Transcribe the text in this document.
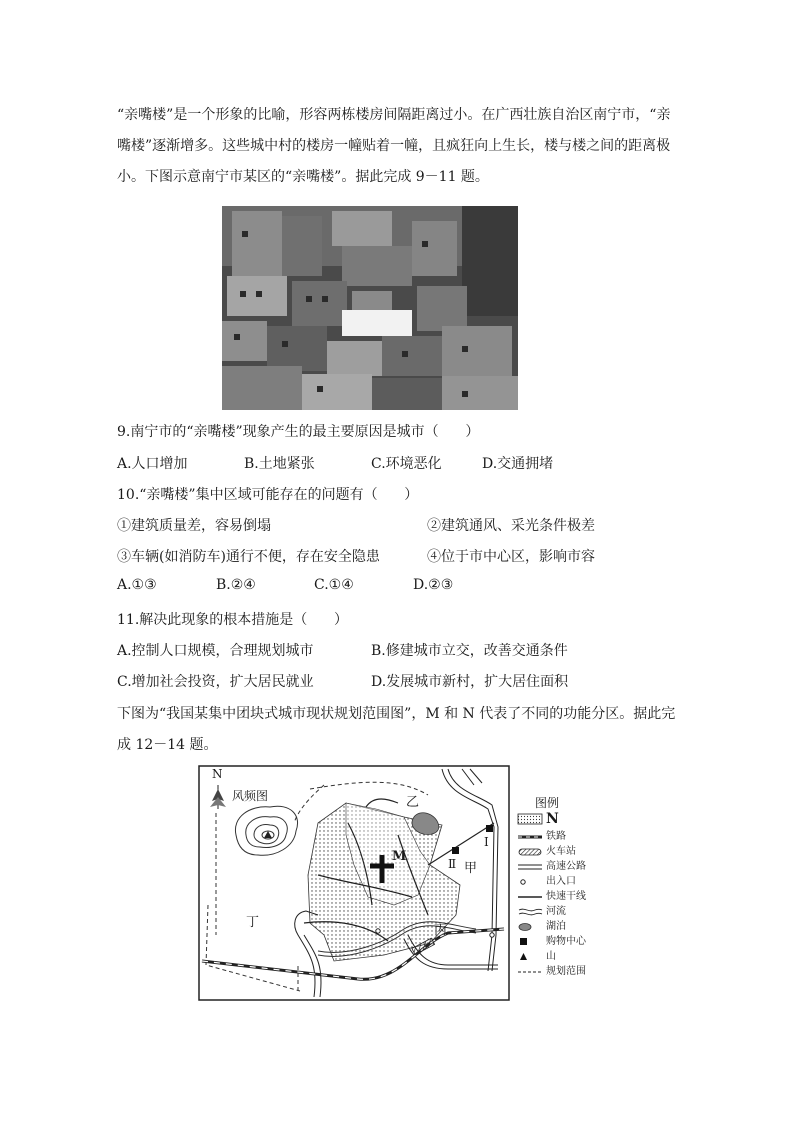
“亲嘴楼”是一个形象的比喻，形容两栋楼房间隔距离过小。在广西壮族自治区南宁市，“亲
嘴楼”逐渐增多。这些城中村的楼房一幢贴着一幢，且疯狂向上生长，楼与楼之间的距离极
小。下图示意南宁市某区的“亲嘴楼”。据此完成 9－11 题。
9.南宁市的“亲嘴楼”现象产生的最主要原因是城市（      ）
A.人口增加	B.土地紧张	C.环境恶化	D.交通拥堵
10.“亲嘴楼”集中区域可能存在的问题有（      ）
①建筑质量差，容易倒塌	②建筑通风、采光条件极差
③车辆(如消防车)通行不便，存在安全隐患	④位于市中心区，影响市容
A.①③	B.②④	C.①④	D.②③
11.解决此现象的根本措施是（      ）
A.控制人口规模，合理规划城市	B.修建城市立交，改善交通条件
C.增加社会投资，扩大居民就业	D.发展城市新村，扩大居住面积
下图为“我国某集中团块式城市现状规划范围图”，M 和 N 代表了不同的功能分区。据此完
成 12－14 题。
N
风频图
M
乙
甲
丙
丁
I
Ⅱ
图例
N
铁路
火车站
高速公路
出入口
快速干线
河流
湖泊
购物中心
山
规划范围
